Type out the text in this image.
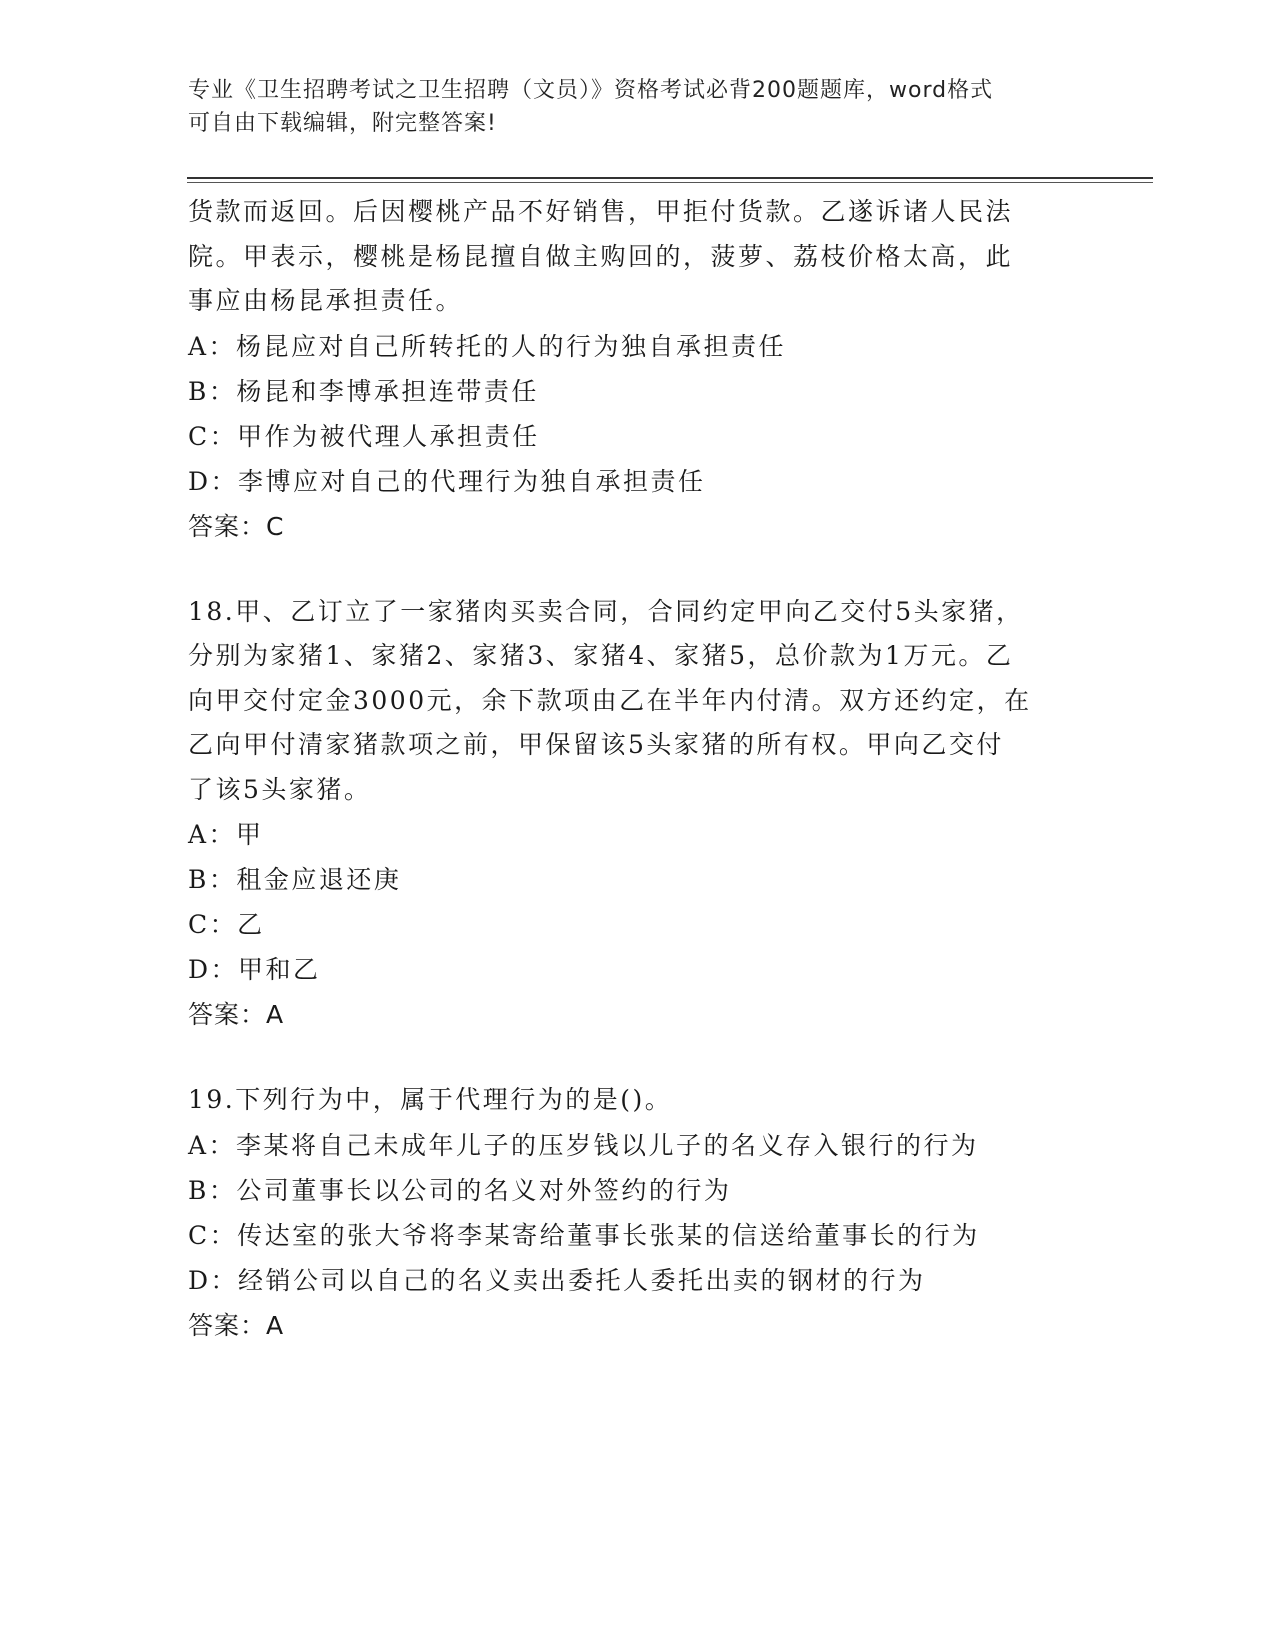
专业《卫生招聘考试之卫生招聘（文员）》资格考试必背200题题库，word格式
可自由下载编辑，附完整答案!
货款而返回。后因樱桃产品不好销售，甲拒付货款。乙遂诉诸人民法
院。甲表示，樱桃是杨昆擅自做主购回的，菠萝、荔枝价格太高，此
事应由杨昆承担责任。
A：杨昆应对自己所转托的人的行为独自承担责任
B：杨昆和李博承担连带责任
C：甲作为被代理人承担责任
D：李博应对自己的代理行为独自承担责任
答案：C
18.甲、乙订立了一家猪肉买卖合同，合同约定甲向乙交付5头家猪，
分别为家猪1、家猪2、家猪3、家猪4、家猪5，总价款为1万元。乙
向甲交付定金3000元，余下款项由乙在半年内付清。双方还约定，在
乙向甲付清家猪款项之前，甲保留该5头家猪的所有权。甲向乙交付
了该5头家猪。
A：甲
B：租金应退还庚
C：乙
D：甲和乙
答案：A
19.下列行为中，属于代理行为的是()。
A：李某将自己未成年儿子的压岁钱以儿子的名义存入银行的行为
B：公司董事长以公司的名义对外签约的行为
C：传达室的张大爷将李某寄给董事长张某的信送给董事长的行为
D：经销公司以自己的名义卖出委托人委托出卖的钢材的行为
答案：A
